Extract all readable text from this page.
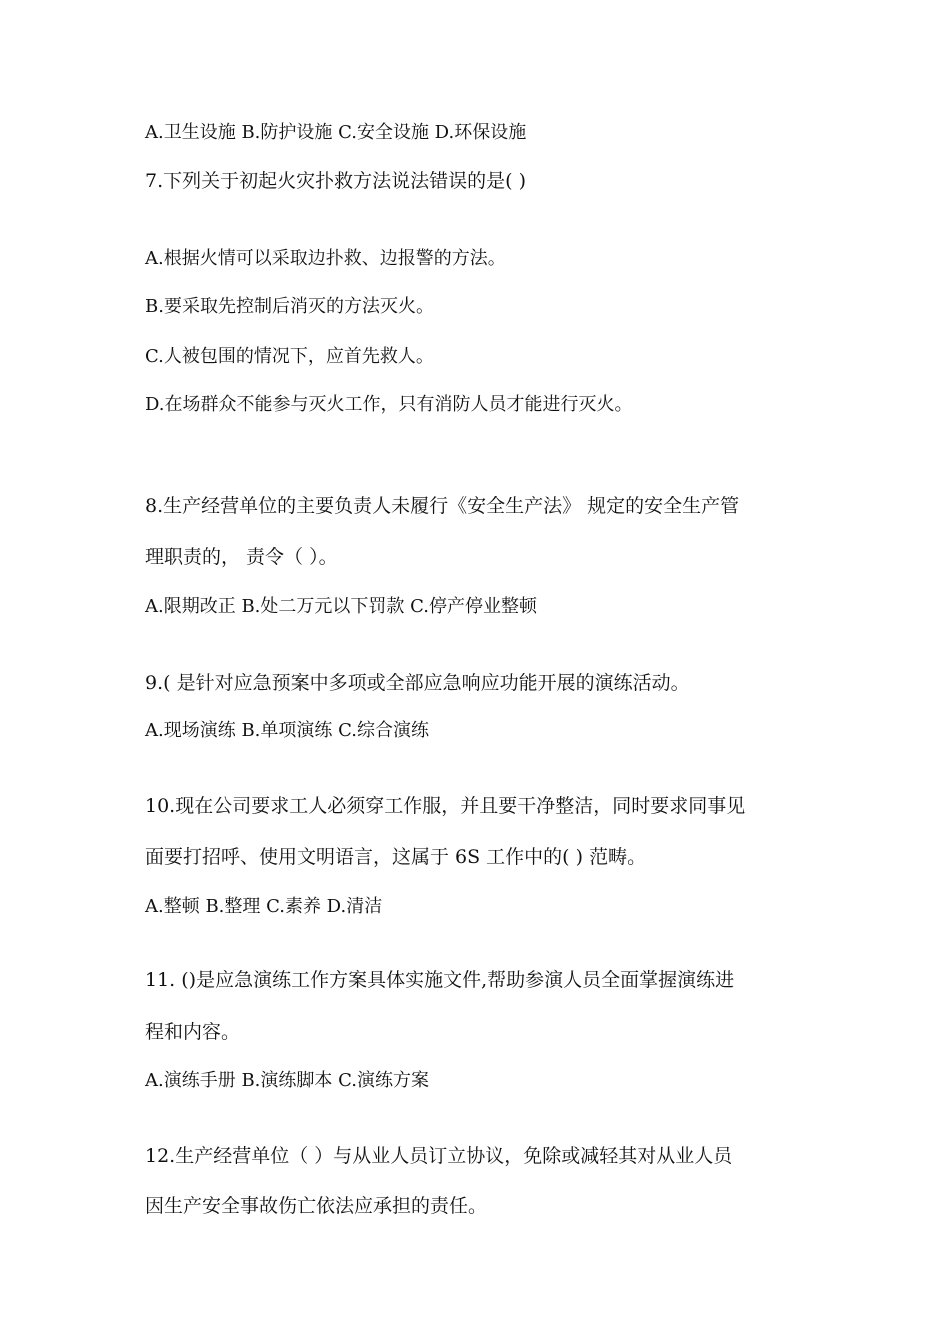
A.卫生设施 B.防护设施 C.安全设施 D.环保设施
7.下列关于初起火灾扑救方法说法错误的是( )
A.根据火情可以采取边扑救、边报警的方法。
B.要采取先控制后消灭的方法灭火。
C.人被包围的情况下，应首先救人。
D.在场群众不能参与灭火工作，只有消防人员才能进行灭火。
8.生产经营单位的主要负责人未履行《安全生产法》 规定的安全生产管
理职责的， 责令（ ）。
A.限期改正 B.处二万元以下罚款 C.停产停业整顿
9.( 是针对应急预案中多项或全部应急响应功能开展的演练活动。
A.现场演练 B.单项演练 C.综合演练
10.现在公司要求工人必须穿工作服，并且要干净整洁，同时要求同事见
面要打招呼、使用文明语言，这属于 6S 工作中的( ) 范畴。
A.整顿 B.整理 C.素养 D.清洁
11. ()是应急演练工作方案具体实施文件,帮助参演人员全面掌握演练进
程和内容。
A.演练手册 B.演练脚本 C.演练方案
12.生产经营单位（ ）与从业人员订立协议，免除或减轻其对从业人员
因生产安全事故伤亡依法应承担的责任。
